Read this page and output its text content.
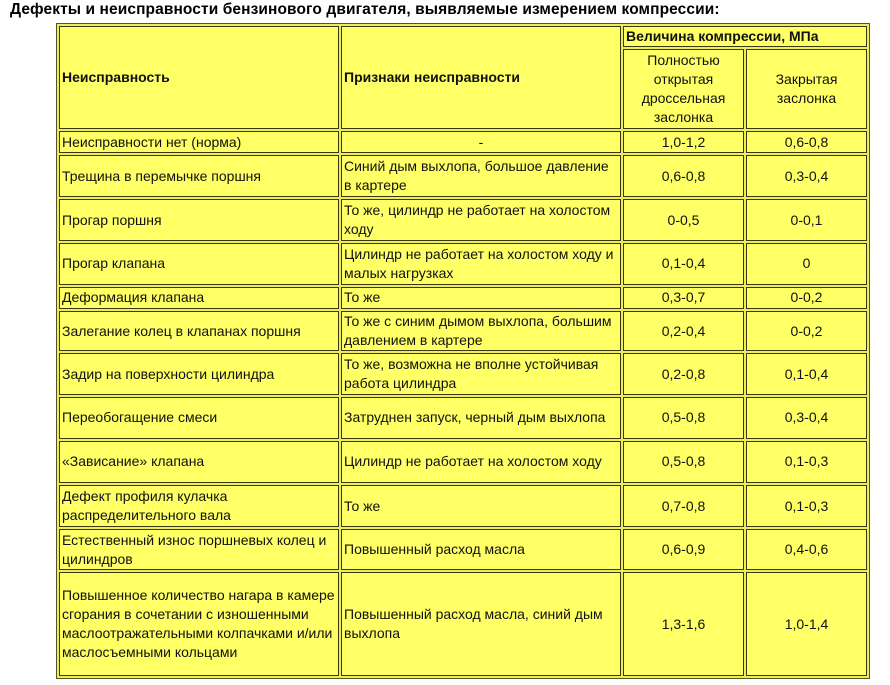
Дефекты и неисправности бензинового двигателя, выявляемые измерением компрессии:
Неисправность	Признаки неисправности	Величина компрессии, МПа	
		Полностью открытая дроссельная заслонка	Закрытая заслонка
Неисправности нет (норма)	-	1,0-1,2	0,6-0,8
Трещина в перемычке поршня	Синий дым выхлопа, большое давление в картере	0,6-0,8	0,3-0,4
Прогар поршня	То же, цилиндр не работает на холостом ходу	0-0,5	0-0,1
Прогар клапана	Цилиндр не работает на холостом ходу и малых нагрузках	0,1-0,4	0
Деформация клапана	То же	0,3-0,7	0-0,2
Залегание колец в клапанах поршня	То же с синим дымом выхлопа, большим давлением в картере	0,2-0,4	0-0,2
Задир на поверхности цилиндра	То же, возможна не вполне устойчивая работа цилиндра	0,2-0,8	0,1-0,4
Переобогащение смеси	Затруднен запуск, черный дым выхлопа	0,5-0,8	0,3-0,4
«Зависание» клапана	Цилиндр не работает на холостом ходу	0,5-0,8	0,1-0,3
Дефект профиля кулачка распределительного вала	То же	0,7-0,8	0,1-0,3
Естественный износ поршневых колец и цилиндров	Повышенный расход масла	0,6-0,9	0,4-0,6
Повышенное количество нагара в камере сгорания в сочетании с изношенными маслоотражательными колпачками и/или маслосъемными кольцами	Повышенный расход масла, синий дым выхлопа	1,3-1,6	1,0-1,4
